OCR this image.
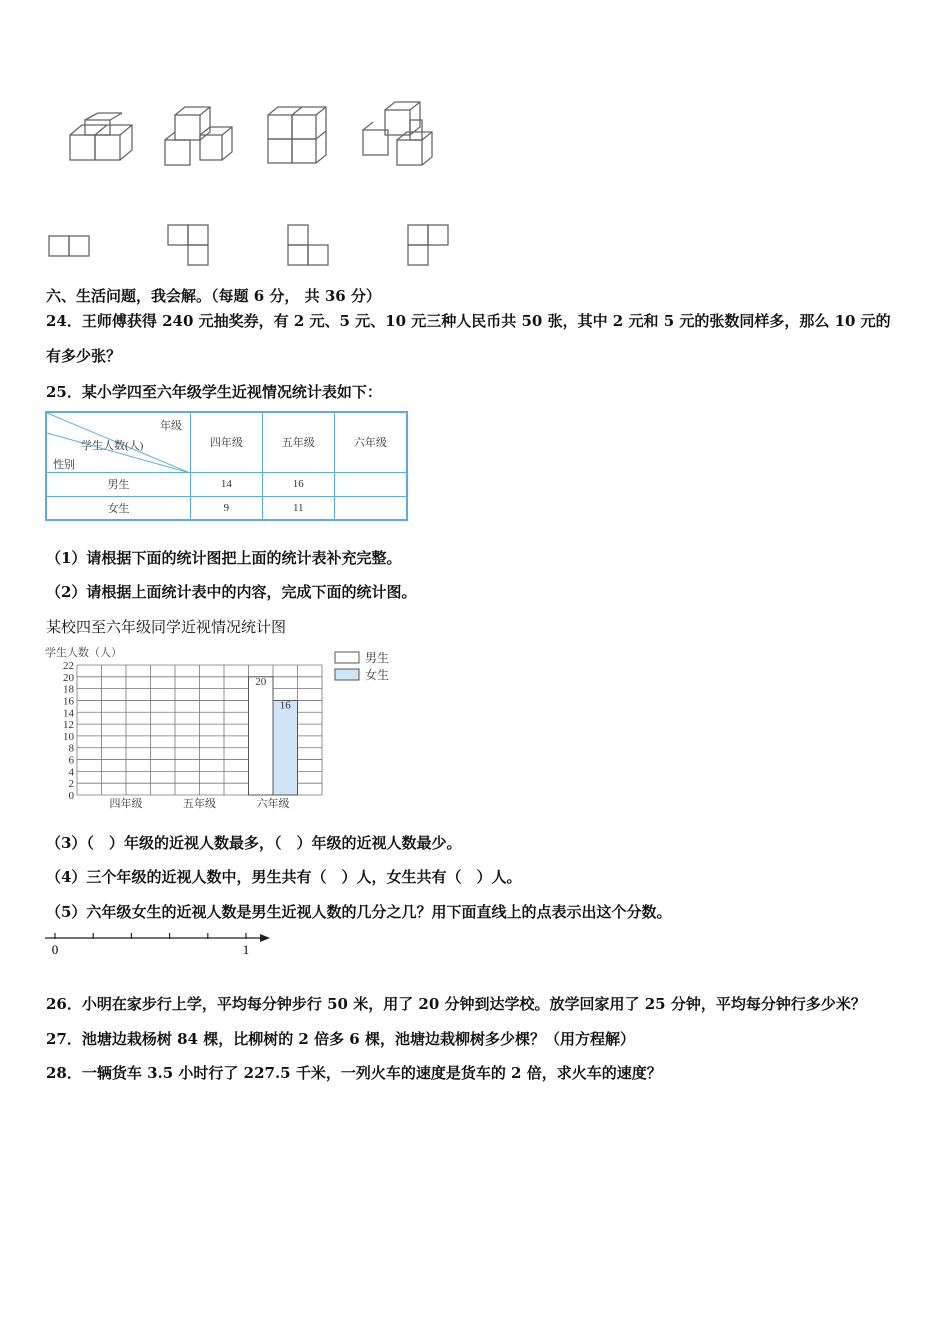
六、生活问题，我会解。（每题 6 分， 共 36 分）
24．王师傅获得 240 元抽奖券，有 2 元、5 元、10 元三种人民币共 50 张，其中 2 元和 5 元的张数同样多，那么 10 元的
有多少张？
25．某小学四至六年级学生近视情况统计表如下：
年级
学生人数(人)
性别	四年级	五年级	六年级
男生	14	16	
女生	9	11	
（1）请根据下面的统计图把上面的统计表补充完整。
（2）请根据上面统计表中的内容，完成下面的统计图。
某校四至六年级同学近视情况统计图
学生人数（人）
0
2
4
6
8
10
12
14
16
18
20
22
四年级	五年级	六年级
20
16
男生
女生
（3）（　）年级的近视人数最多，（　）年级的近视人数最少。
（4）三个年级的近视人数中，男生共有（　）人，女生共有（　）人。
（5）六年级女生的近视人数是男生近视人数的几分之几？用下面直线上的点表示出这个分数。
0	1
26．小明在家步行上学，平均每分钟步行 50 米，用了 20 分钟到达学校。放学回家用了 25 分钟，平均每分钟行多少米？
27．池塘边栽杨树 84 棵，比柳树的 2 倍多 6 棵，池塘边栽柳树多少棵？（用方程解）
28．一辆货车 3.5 小时行了 227.5 千米，一列火车的速度是货车的 2 倍，求火车的速度？
